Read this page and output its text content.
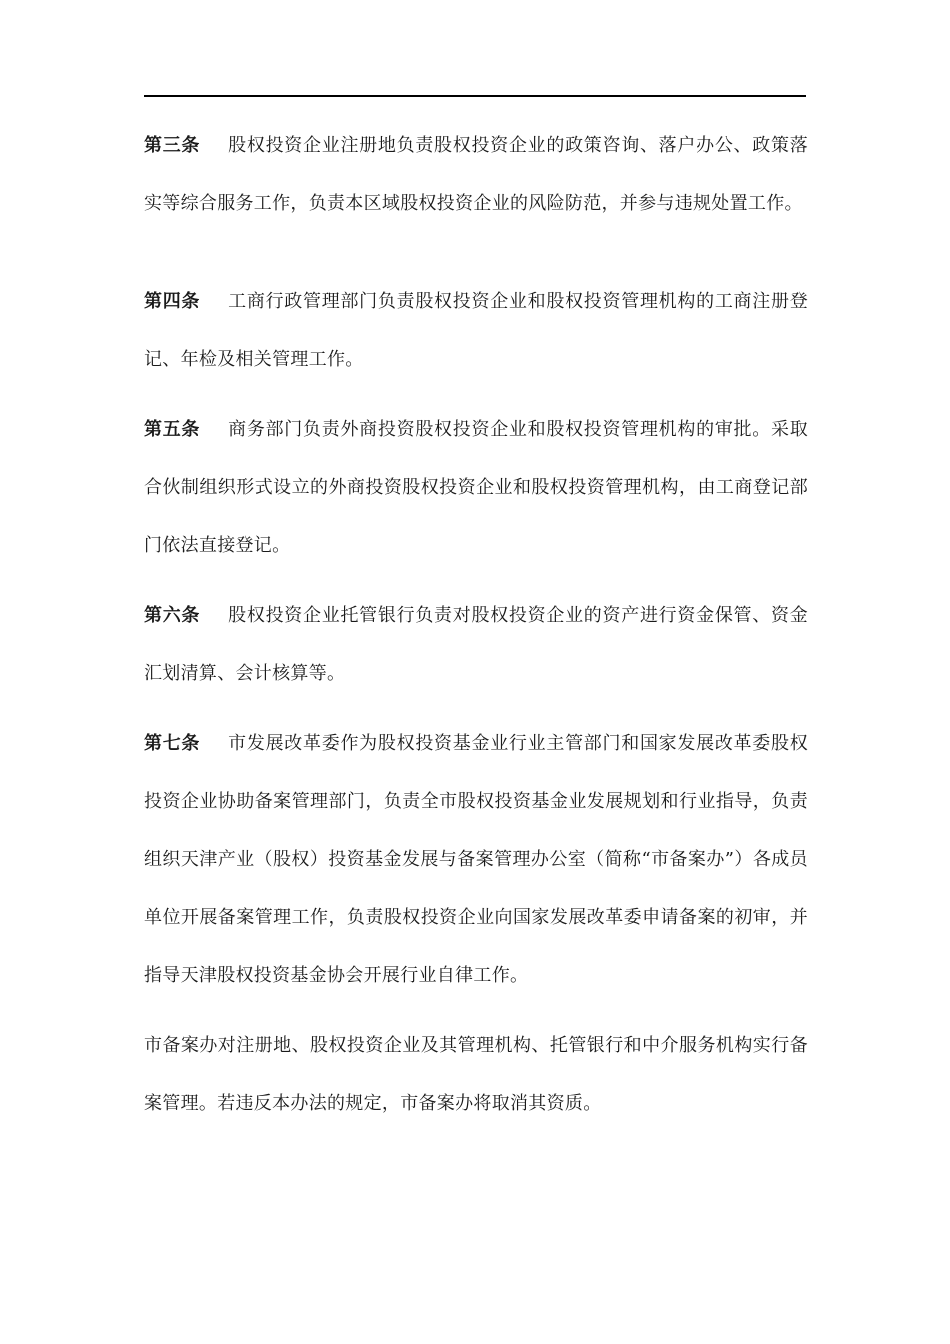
第三条 股权投资企业注册地负责股权投资企业的政策咨询、落户办公、政策落实等综合服务工作，负责本区域股权投资企业的风险防范，并参与违规处置工作。

第四条 工商行政管理部门负责股权投资企业和股权投资管理机构的工商注册登记、年检及相关管理工作。

第五条 商务部门负责外商投资股权投资企业和股权投资管理机构的审批。采取合伙制组织形式设立的外商投资股权投资企业和股权投资管理机构，由工商登记部门依法直接登记。

第六条 股权投资企业托管银行负责对股权投资企业的资产进行资金保管、资金汇划清算、会计核算等。

第七条 市发展改革委作为股权投资基金业行业主管部门和国家发展改革委股权投资企业协助备案管理部门，负责全市股权投资基金业发展规划和行业指导，负责组织天津产业（股权）投资基金发展与备案管理办公室（简称“市备案办”）各成员单位开展备案管理工作，负责股权投资企业向国家发展改革委申请备案的初审，并指导天津股权投资基金协会开展行业自律工作。

市备案办对注册地、股权投资企业及其管理机构、托管银行和中介服务机构实行备案管理。若违反本办法的规定，市备案办将取消其资质。
